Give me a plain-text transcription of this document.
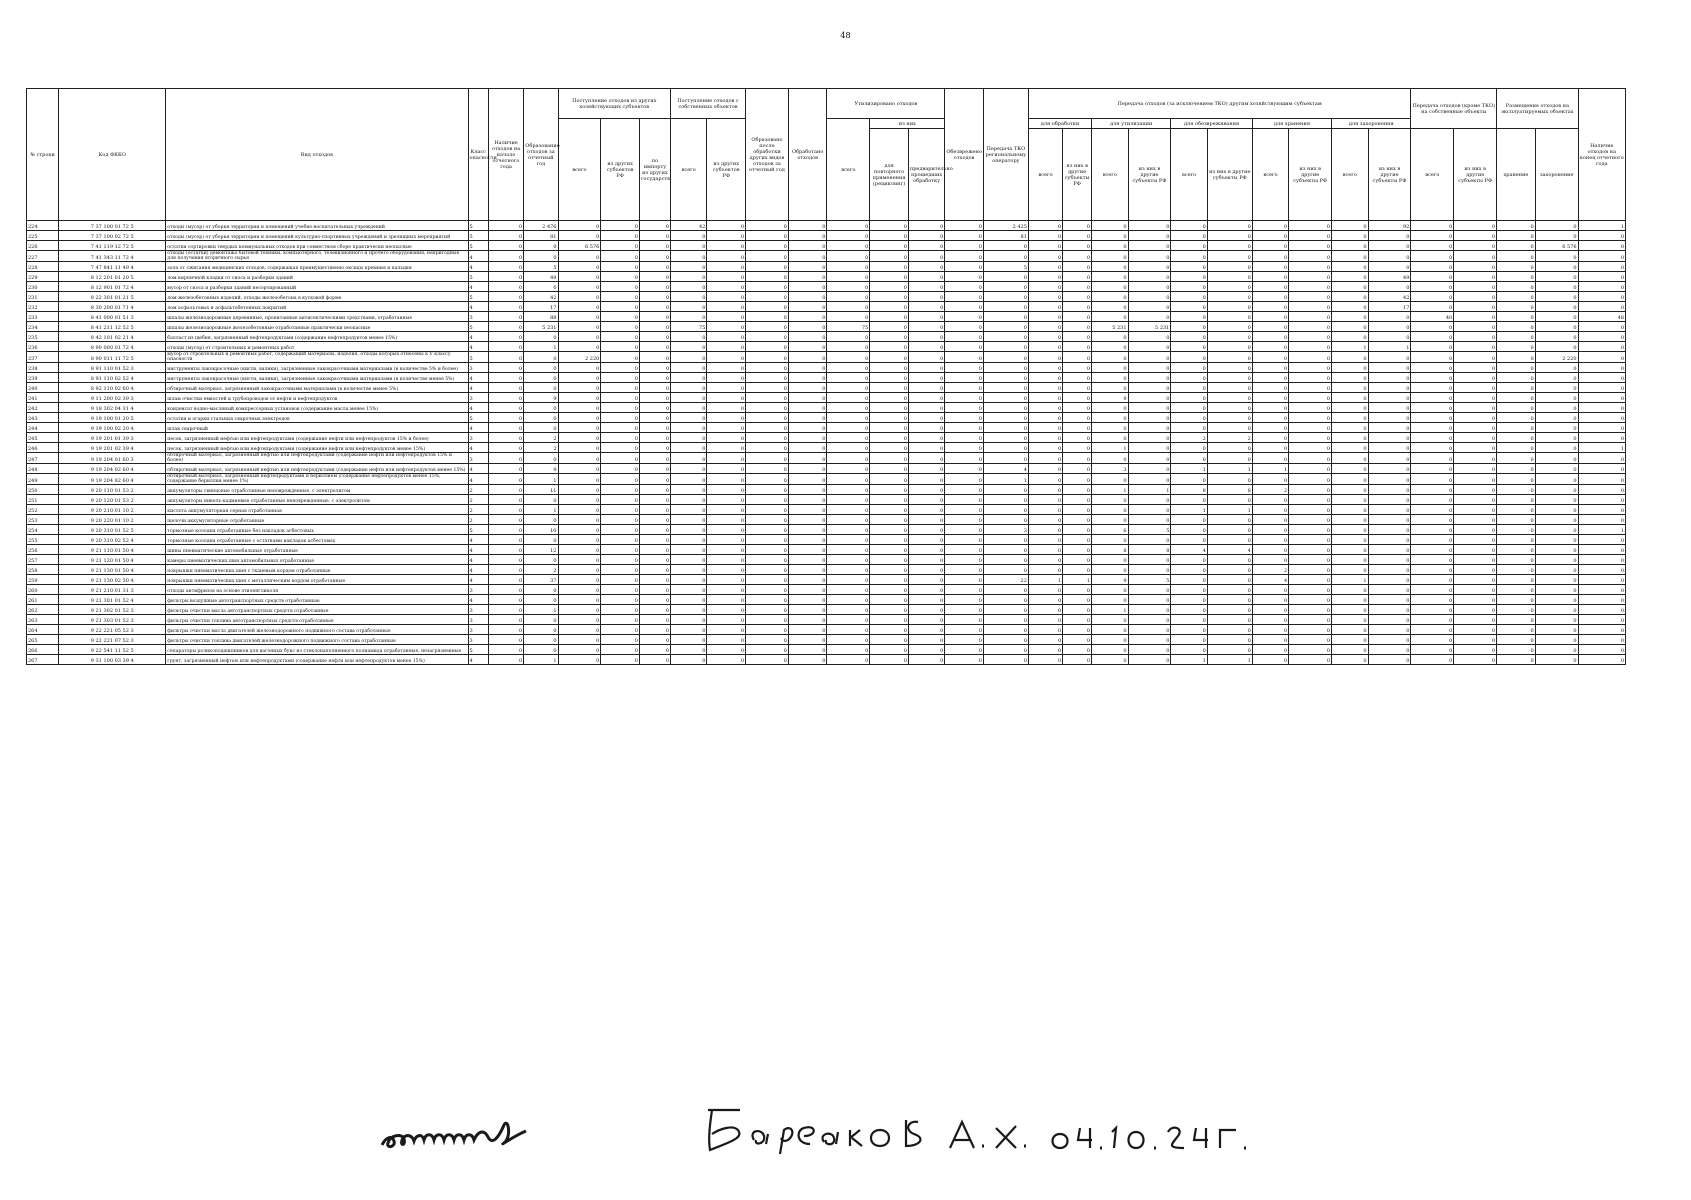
48
№ строки	Код ФККО	Вид отходов	Класс опасности	Наличие отходов на начало отчетного года	Образование отходов за отчетный год	Поступление отходов из других хозяйствующих субъектов			Поступление отходов с собственных объектов		Образовано после обработки других видов отходов за отчетный год	Обработано отходов	Утилизировано отходов			Обезврежено отходов	Передача ТКО региональному оператору	Передача отходов (за исключением ТКО) другим хозяйствующим субъектам										Передача отходов (кроме ТКО) на собственные объекты		Размещение отходов на эксплуатируемых объектах		Наличие отходов на конец отчетного года
						всего	из других субъектов РФ	по импорту из других государств	всего	из других субъектов РФ			всего	из них				для обработки		для утилизации		для обезвреживания		для хранения		для захоронения						
														для повторного применения (рециклинг)	предварительно прошедших обработку			всего	из них в другие субъекты РФ	всего	из них в другие субъекты РФ	всего	из них в другие субъекты РФ	всего	из них в другие субъекты РФ	всего	из них в другие субъекты РФ	всего	из них в другие субъекты РФ	хранение	захоронение	
224	7 37 100 01 72 5	отходы (мусор) от уборки территории и помещений учебно-воспитательных учреждений	5	0	2 476	0	0	0	42	0	0	0	0	0	0	0	2 425	0	0	0	0	0	0	0	0	0	92	0	0	0	0	1
225	7 37 100 02 72 5	отходы (мусор) от уборки территории и помещений культурно-спортивных учреждений и зрелищных мероприятий	5	0	81	0	0	0	0	0	0	0	0	0	0	0	81	0	0	0	0	0	0	0	0	0	0	0	0	0	0	0
226	7 41 119 12 72 5	остатки сортировки твердых коммунальных отходов при совместном сборе практически неопасные	5	0	0	6 576	0	0	0	0	0	0	0	0	0	0	0	0	0	0	0	0	0	0	0	0	0	0	0	0	6 576	0
227	7 41 343 11 72 4	отходы (остатки) демонтажа бытовой техники, компьютерного, телевизионного и прочего оборудования, непригодные для получения вторичного сырья	4	0	0	0	0	0	0	0	0	0	0	0	0	0	0	0	0	0	0	0	0	0	0	0	0	0	0	0	0	0
228	7 47 841 11 49 4	зола от сжигания медицинских отходов, содержащая преимущественно оксиды кремния и кальция	4	0	5	0	0	0	0	0	0	0	0	0	0	0	5	0	0	0	0	0	0	0	0	0	0	0	0	0	0	0
229	8 12 201 01 20 5	лом кирпичной кладки от сноса и разборки зданий	5	0	49	0	0	0	0	0	0	0	0	0	0	0	0	0	0	0	0	0	0	0	0	0	49	0	0	0	0	0
230	8 12 901 01 72 4	мусор от сноса и разборки зданий несортированный	4	0	0	0	0	0	0	0	0	0	0	0	0	0	0	0	0	0	0	0	0	0	0	0	0	0	0	0	0	0
231	8 22 301 01 21 5	лом железобетонных изделий, отходы железобетона в кусковой форме	5	0	42	0	0	0	0	0	0	0	0	0	0	0	0	0	0	0	0	0	0	0	0	0	42	0	0	0	0	0
232	8 30 200 01 71 4	лом асфальтовых и асфальтобетонных покрытий	4	0	17	0	0	0	0	0	0	0	0	0	0	0	0	0	0	0	0	0	0	0	0	0	17	0	0	0	0	0
233	8 41 000 01 51 3	шпалы железнодорожные деревянные, пропитанные антисептическими средствами, отработанные	3	0	88	0	0	0	0	0	0	0	0	0	0	0	0	0	0	0	0	0	0	0	0	0	0	40	0	0	0	48
234	8 41 211 12 52 5	шпалы железнодорожные железобетонные отработанные практически неопасные	5	0	5 231	0	0	0	75	0	0	0	75	0	0	0	0	0	0	5 231	5 231	0	0	0	0	0	0	0	0	0	0	0
235	8 42 101 02 21 4	балласт из щебня, загрязненный нефтепродуктами (содержание нефтепродуктов менее 15%)	4	0	0	0	0	0	0	0	0	0	0	0	0	0	0	0	0	0	0	0	0	0	0	0	0	0	0	0	0	0
236	8 90 000 01 72 4	отходы (мусор) от строительных и ремонтных работ	4	0	1	0	0	0	0	0	0	0	0	0	0	0	0	0	0	0	0	0	0	0	0	1	1	0	0	0	0	0
237	8 90 011 11 72 5	мусор от строительных и ремонтных работ, содержащий материалы, изделия, отходы которых отнесены к V классу опасности	5	0	0	2 220	0	0	0	0	0	0	0	0	0	0	0	0	0	0	0	0	0	0	0	0	0	0	0	0	2 220	0
238	8 91 110 01 52 3	инструменты лакокрасочные (кисти, валики), загрязненные лакокрасочными материалами (в количестве 5% и более)	3	0	0	0	0	0	0	0	0	0	0	0	0	0	0	0	0	0	0	0	0	0	0	0	0	0	0	0	0	0
239	8 91 110 02 52 4	инструменты лакокрасочные (кисти, валики), загрязненные лакокрасочными материалами (в количестве менее 5%)	4	0	0	0	0	0	0	0	0	0	0	0	0	0	0	0	0	0	0	0	0	0	0	0	0	0	0	0	0	0
240	8 92 110 02 60 4	обтирочный материал, загрязненный лакокрасочными материалами (в количестве менее 5%)	4	0	0	0	0	0	0	0	0	0	0	0	0	0	0	0	0	0	0	0	0	0	0	0	0	0	0	0	0	0
241	9 11 200 02 39 3	шлам очистки емкостей и трубопроводов от нефти и нефтепродуктов	3	0	9	0	0	0	0	0	0	0	0	0	0	0	0	0	0	9	0	0	0	0	0	0	0	0	0	0	0	0
242	9 18 302 04 31 4	конденсат водно-масляный компрессорных установок (содержание масла менее 15%)	4	0	0	0	0	0	0	0	0	0	0	0	0	0	0	0	0	0	0	0	0	0	0	0	0	0	0	0	0	0
243	9 19 100 01 20 5	остатки и огарки стальных сварочных электродов	5	0	0	0	0	0	0	0	0	0	0	0	0	0	0	0	0	0	0	0	0	0	0	0	0	0	0	0	0	0
244	9 19 100 02 20 4	шлак сварочный	4	0	0	0	0	0	0	0	0	0	0	0	0	0	0	0	0	0	0	0	0	0	0	0	0	0	0	0	0	0
245	9 19 201 01 39 3	песок, загрязненный нефтью или нефтепродуктами (содержание нефти или нефтепродуктов 15% и более)	3	0	2	0	0	0	0	0	0	0	0	0	0	0	0	0	0	0	0	2	2	0	0	0	0	0	0	0	0	0
246	9 19 201 02 39 4	песок, загрязненный нефтью или нефтепродуктами (содержание нефти или нефтепродуктов менее 15%)	4	0	2	0	0	0	0	0	0	0	0	0	0	0	0	0	0	1	0	0	0	0	0	0	0	0	0	0	0	1
247	9 19 204 01 60 3	обтирочный материал, загрязненный нефтью или нефтепродуктами (содержание нефти или нефтепродуктов 15% и более)	3	0	0	0	0	0	0	0	0	0	0	0	0	0	0	0	0	0	0	0	0	0	0	0	0	0	0	0	0	0
248	9 19 204 02 60 4	обтирочный материал, загрязненный нефтью или нефтепродуктами (содержание нефти или нефтепродуктов менее 15%)	4	0	9	0	0	0	0	0	0	0	0	0	0	0	4	0	0	3	0	1	1	1	0	0	0	0	0	0	0	0
249	9 19 204 82 60 4	обтирочный материал, загрязненный нефтепродуктами и бериллием (содержание нефтепродуктов менее 15%, содержание бериллия менее 1%)	4	0	1	0	0	0	0	0	0	0	0	0	0	0	1	0	0	0	0	0	0	0	0	0	0	0	0	0	0	0
250	9 20 110 01 53 2	аккумуляторы свинцовые отработанные неповрежденные, с электролитом	2	0	11	0	0	0	0	0	0	0	0	0	0	0	0	0	0	1	1	8	8	2	0	0	0	0	0	0	0	0
251	9 20 120 01 53 2	аккумуляторы никель-кадмиевые отработанные неповрежденные, с электролитом	2	0	0	0	0	0	0	0	0	0	0	0	0	0	0	0	0	0	0	0	0	0	0	0	0	0	0	0	0	0
252	9 20 210 01 10 2	кислота аккумуляторная серная отработанная	2	0	1	0	0	0	0	0	0	0	0	0	0	0	0	0	0	0	0	1	1	0	0	0	0	0	0	0	0	0
253	9 20 220 01 10 2	щелочи аккумуляторные отработанные	2	0	0	0	0	0	0	0	0	0	0	0	0	0	0	0	0	0	0	0	0	0	0	0	0	0	0	0	0	0
254	9 20 310 01 52 5	тормозные колодки отработанные без накладок асбестовых	5	0	10	0	0	0	0	0	0	0	0	0	0	0	3	0	0	6	5	0	0	0	0	0	0	0	0	0	0	1
255	9 20 310 02 52 4	тормозные колодки отработанные с остатками накладок асбестовых	4	0	0	0	0	0	0	0	0	0	0	0	0	0	0	0	0	0	0	0	0	0	0	0	0	0	0	0	0	0
256	9 21 110 01 50 4	шины пневматические автомобильные отработанные	4	0	12	0	0	0	0	0	0	0	0	0	0	0	0	0	0	8	8	4	4	0	0	0	0	0	0	0	0	0
257	9 21 120 01 50 4	камеры пневматических шин автомобильных отработанные	4	0	0	0	0	0	0	0	0	0	0	0	0	0	0	0	0	0	0	0	0	0	0	0	0	0	0	0	0	0
258	9 21 130 01 50 4	покрышки пневматических шин с тканевым кордом отработанные	4	0	2	0	0	0	0	0	0	0	0	0	0	0	0	0	0	0	0	0	0	2	0	0	0	0	0	0	0	0
259	9 21 130 02 50 4	покрышки пневматических шин с металлическим кордом отработанные	4	0	37	0	0	0	0	0	0	0	0	0	0	0	22	1	1	9	5	0	0	4	0	1	0	0	0	0	0	0
260	9 21 210 01 31 3	отходы антифризов на основе этиленгликоля	3	0	0	0	0	0	0	0	0	0	0	0	0	0	0	0	0	0	0	0	0	0	0	0	0	0	0	0	0	0
261	9 21 301 01 52 4	фильтры воздушные автотранспортных средств отработанные	4	0	0	0	0	0	0	0	0	0	0	0	0	0	0	0	0	0	0	0	0	0	0	0	0	0	0	0	0	0
262	9 21 302 01 52 3	фильтры очистки масла автотранспортных средств отработанные	3	0	1	0	0	0	0	0	0	0	0	0	0	0	0	0	0	1	0	0	0	0	0	0	0	0	0	0	0	0
263	9 21 303 01 52 3	фильтры очистки топлива автотранспортных средств отработанные	3	0	0	0	0	0	0	0	0	0	0	0	0	0	0	0	0	0	0	0	0	0	0	0	0	0	0	0	0	0
264	9 22 221 05 52 3	фильтры очистки масла двигателей железнодорожного подвижного состава отработанные	3	0	0	0	0	0	0	0	0	0	0	0	0	0	0	0	0	0	0	0	0	0	0	0	0	0	0	0	0	0
265	9 22 221 07 52 3	фильтры очистки топлива двигателей железнодорожного подвижного состава отработанные	3	0	0	0	0	0	0	0	0	0	0	0	0	0	0	0	0	0	0	0	0	0	0	0	0	0	0	0	0	0
266	9 22 541 11 52 5	сепараторы роликоподшипников для вагонных букс из стеклонаполненного полиамида отработанные, незагрязненные	5	0	0	0	0	0	0	0	0	0	0	0	0	0	0	0	0	0	0	0	0	0	0	0	0	0	0	0	0	0
267	9 31 100 03 39 4	грунт, загрязненный нефтью или нефтепродуктами (содержание нефти или нефтепродуктов менее 15%)	4	0	1	0	0	0	0	0	0	0	0	0	0	0	0	0	0	0	0	1	1	0	0	0	0	0	0	0	0	0
